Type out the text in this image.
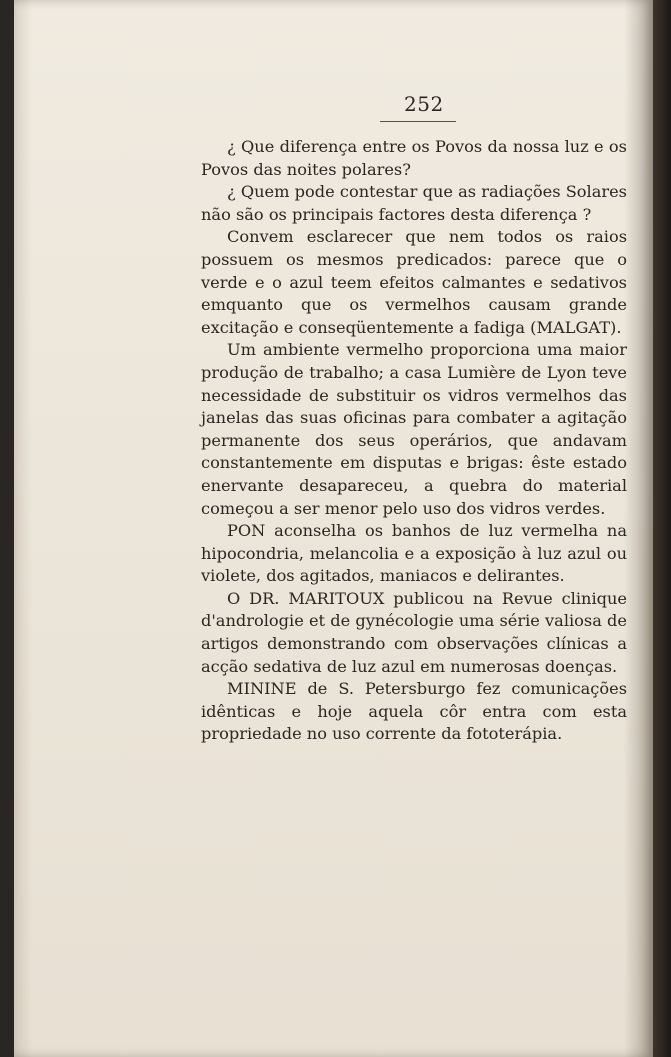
252

¿ Que diferença entre os Povos da nossa luz e os Povos das noites polares?

¿ Quem pode contestar que as radiações Solares não são os principais factores desta diferença ?

Convem esclarecer que nem todos os raios possuem os mesmos predicados: parece que o verde e o azul teem efeitos calmantes e sedativos emquanto que os vermelhos causam grande excitação e conseqüentemente a fadiga (MALGAT).

Um ambiente vermelho proporciona uma maior produção de trabalho; a casa Lumière de Lyon teve necessidade de substituir os vidros vermelhos das janelas das suas oficinas para combater a agitação permanente dos seus operários, que andavam constantemente em disputas e brigas: êste estado enervante desapareceu, a quebra do material começou a ser menor pelo uso dos vidros verdes.

PON aconselha os banhos de luz vermelha na hipocondria, melancolia e a exposição à luz azul ou violete, dos agitados, maniacos e delirantes.

O DR. MARITOUX publicou na Revue clinique d'andrologie et de gynécologie uma série valiosa de artigos demonstrando com observações clínicas a acção sedativa de luz azul em numerosas doenças.

MININE de S. Petersburgo fez comunicações idênticas e hoje aquela côr entra com esta propriedade no uso corrente da fototerápia.
